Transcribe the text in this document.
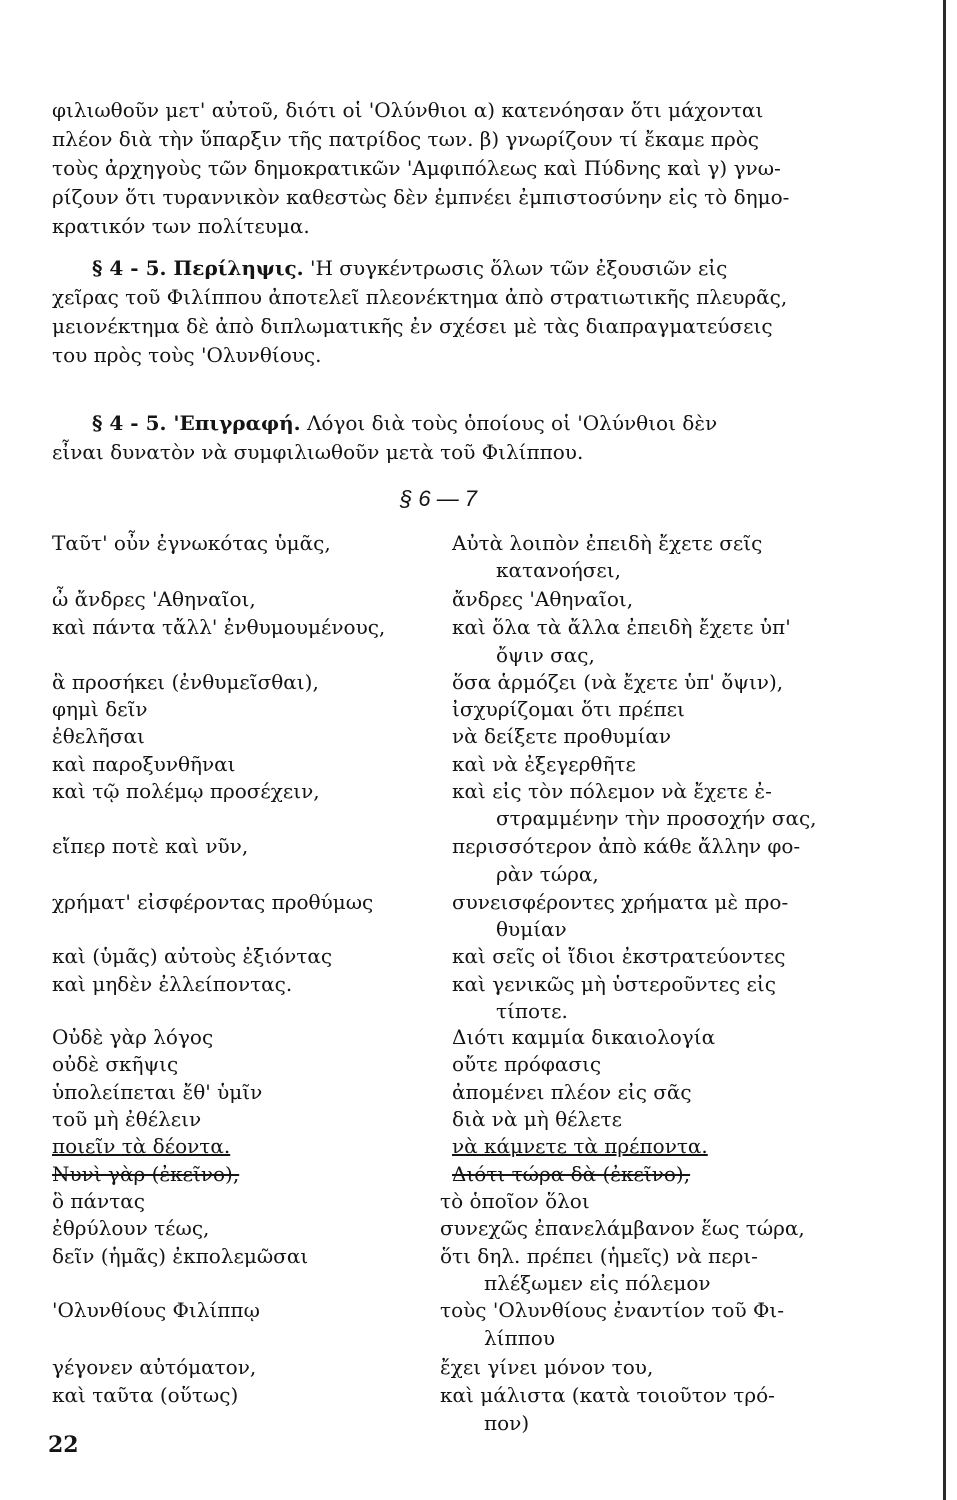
φιλιωθοῦν μετ' αὐτοῦ, διότι οἱ 'Ολύνθιοι α) κατενόησαν ὅτι μάχονται
πλέον διὰ τὴν ὕπαρξιν τῆς πατρίδος των. β) γνωρίζουν τί ἔκαμε πρὸς
τοὺς ἀρχηγοὺς τῶν δημοκρατικῶν 'Αμφιπόλεως καὶ Πύδνης καὶ γ) γνω-
ρίζουν ὅτι τυραννικὸν καθεστὼς δὲν ἐμπνέει ἐμπιστοσύνην εἰς τὸ δημο-
κρατικόν των πολίτευμα.
§ 4 - 5. Περίληψις. 'Η συγκέντρωσις ὅλων τῶν ἐξουσιῶν εἰς
χεῖρας τοῦ Φιλίππου ἀποτελεῖ πλεονέκτημα ἀπὸ στρατιωτικῆς πλευρᾶς,
μειονέκτημα δὲ ἀπὸ διπλωματικῆς ἐν σχέσει μὲ τὰς διαπραγματεύσεις
του πρὸς τοὺς 'Ολυνθίους.
§ 4 - 5. 'Επιγραφή. Λόγοι διὰ τοὺς ὁποίους οἱ 'Ολύνθιοι δὲν
εἶναι δυνατὸν νὰ συμφιλιωθοῦν μετὰ τοῦ Φιλίππου.
§ 6 — 7
Ταῦτ' οὖν ἐγνωκότας ὑμᾶς,
ὦ ἄνδρες 'Αθηναῖοι,
καὶ πάντα τἄλλ' ἐνθυμουμένους,
ἃ προσήκει (ἐνθυμεῖσθαι),
φημὶ δεῖν
ἐθελῆσαι
καὶ παροξυνθῆναι
καὶ τῷ πολέμῳ προσέχειν,
εἴπερ ποτὲ καὶ νῦν,
χρήματ' εἰσφέροντας προθύμως
καὶ (ὑμᾶς) αὐτοὺς ἐξιόντας
καὶ μηδὲν ἐλλείποντας.
Οὐδὲ γὰρ λόγος
οὐδὲ σκῆψις
ὑπολείπεται ἔθ' ὑμῖν
τοῦ μὴ ἐθέλειν
ποιεῖν τὰ δέοντα.
Νυνὶ γὰρ (ἐκεῖνο),
ὃ πάντας
ἐθρύλουν τέως,
δεῖν (ἡμᾶς) ἐκπολεμῶσαι
'Ολυνθίους Φιλίππῳ
γέγονεν αὐτόματον,
καὶ ταῦτα (οὕτως)
Αὐτὰ λοιπὸν ἐπειδὴ ἔχετε σεῖς
κατανοήσει,
ἄνδρες 'Αθηναῖοι,
καὶ ὅλα τὰ ἄλλα ἐπειδὴ ἔχετε ὑπ'
ὄψιν σας,
ὅσα ἁρμόζει (νὰ ἔχετε ὑπ' ὄψιν),
ἰσχυρίζομαι ὅτι πρέπει
νὰ δείξετε προθυμίαν
καὶ νὰ ἐξεγερθῆτε
καὶ εἰς τὸν πόλεμον νὰ ἔχετε ἐ-
στραμμένην τὴν προσοχήν σας,
περισσότερον ἀπὸ κάθε ἄλλην φο-
ρὰν τώρα,
συνεισφέροντες χρήματα μὲ προ-
θυμίαν
καὶ σεῖς οἱ ἴδιοι ἐκστρατεύοντες
καὶ γενικῶς μὴ ὑστεροῦντες εἰς
τίποτε.
Διότι καμμία δικαιολογία
οὔτε πρόφασις
ἀπομένει πλέον εἰς σᾶς
διὰ νὰ μὴ θέλετε
νὰ κάμνετε τὰ πρέποντα.
Διότι τώρα δὰ (ἐκεῖνο),
τὸ ὁποῖον ὅλοι
συνεχῶς ἐπανελάμβανον ἕως τώρα,
ὅτι δηλ. πρέπει (ἡμεῖς) νὰ περι-
πλέξωμεν εἰς πόλεμον
τοὺς 'Ολυνθίους ἐναντίον τοῦ Φι-
λίππου
ἔχει γίνει μόνον του,
καὶ μάλιστα (κατὰ τοιοῦτον τρό-
πον)
22
